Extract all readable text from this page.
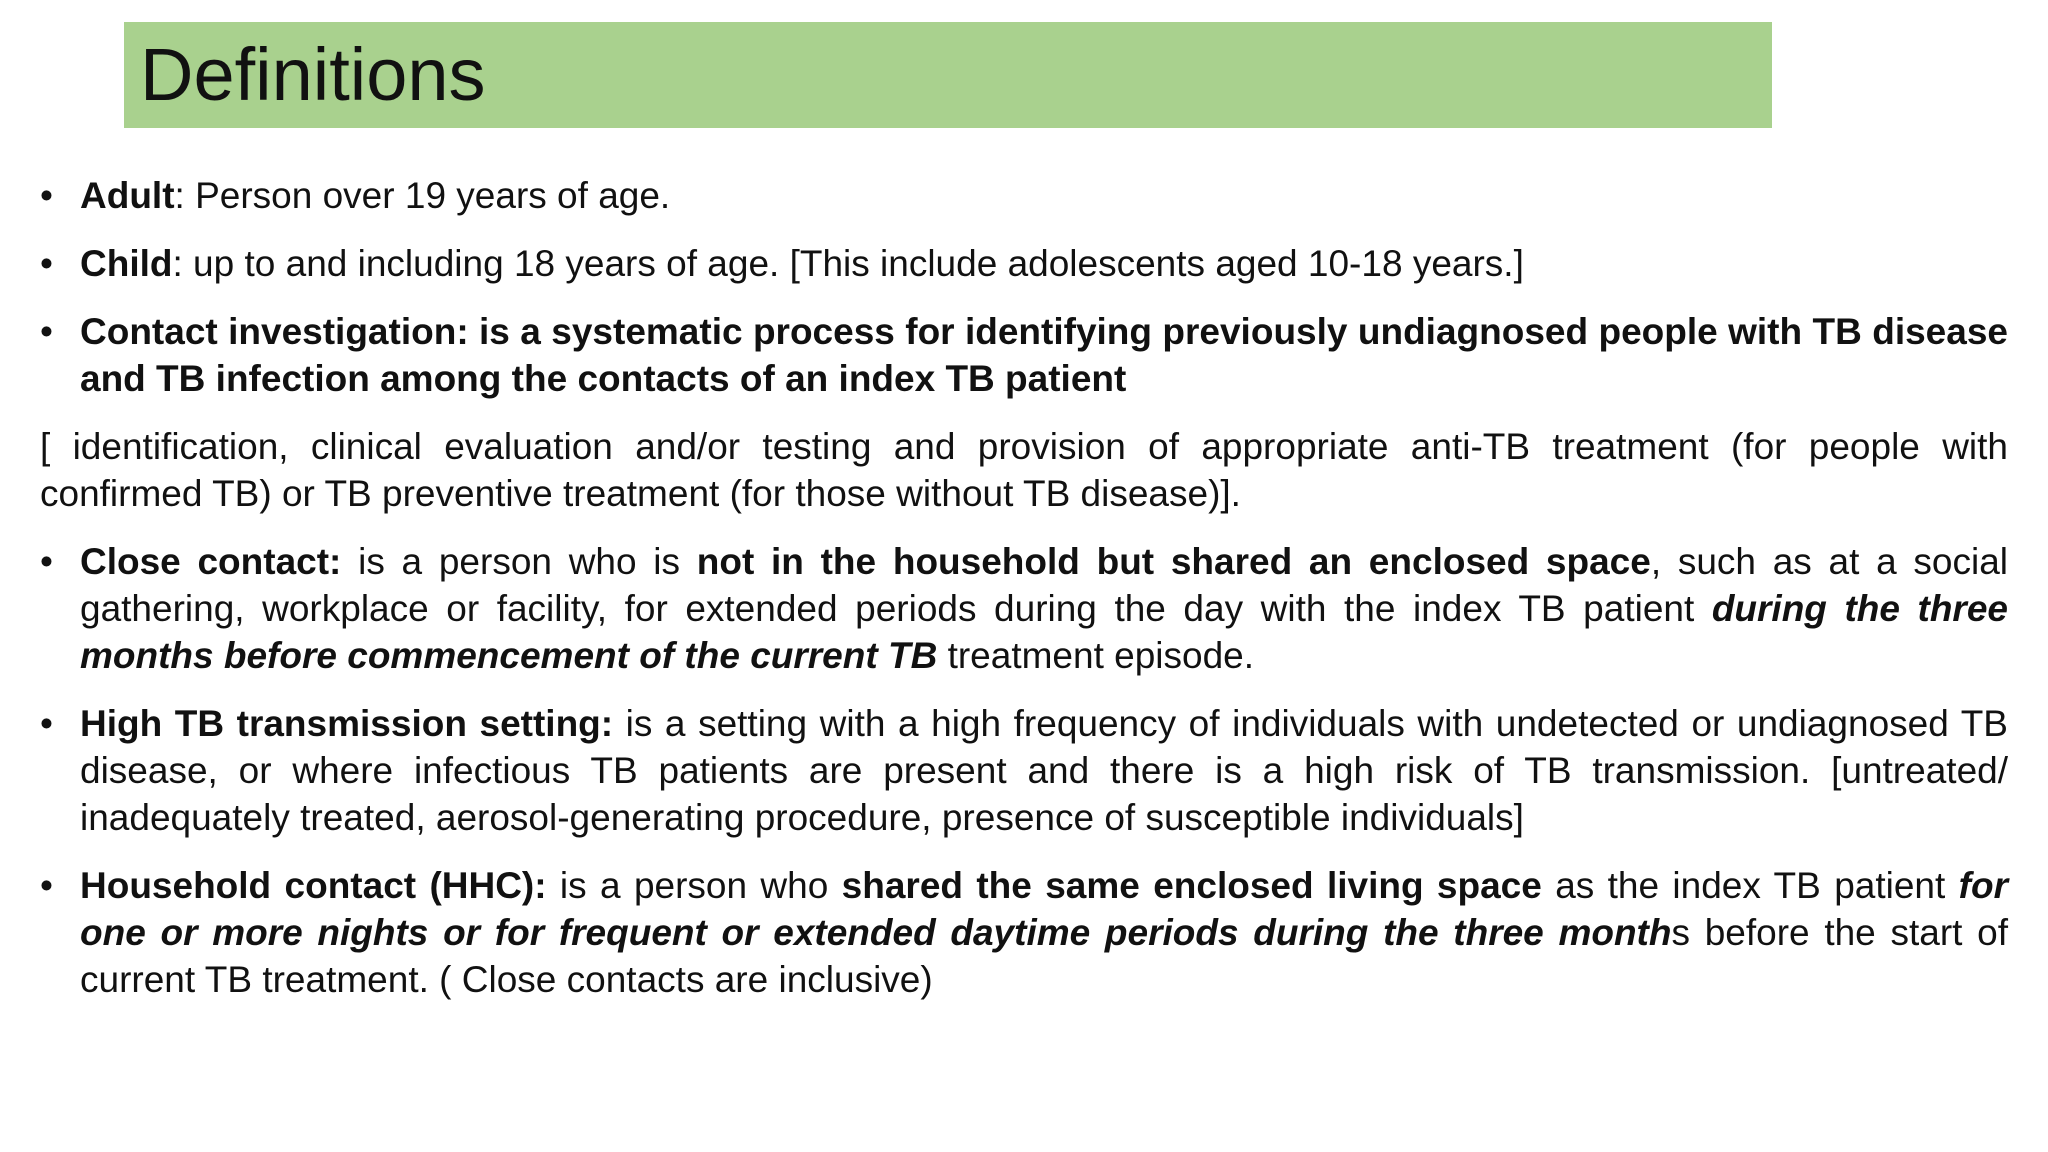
Definitions
• Adult: Person over 19 years of age.
• Child: up to and including 18 years of age. [This include adolescents aged 10-18 years.]
• Contact investigation: is a systematic process for identifying previously undiagnosed people with TB disease and TB infection among the contacts of an index TB patient
[ identification, clinical evaluation and/or testing and provision of appropriate anti-TB treatment (for people with confirmed TB) or TB preventive treatment (for those without TB disease)].
• Close contact: is a person who is not in the household but shared an enclosed space, such as at a social gathering, workplace or facility, for extended periods during the day with the index TB patient during the three months before commencement of the current TB treatment episode.
• High TB transmission setting: is a setting with a high frequency of individuals with undetected or undiagnosed TB disease, or where infectious TB patients are present and there is a high risk of TB transmission. [untreated/ inadequately treated, aerosol-generating procedure, presence of susceptible individuals]
• Household contact (HHC): is a person who shared the same enclosed living space as the index TB patient for one or more nights or for frequent or extended daytime periods during the three months before the start of current TB treatment. ( Close contacts are inclusive)
